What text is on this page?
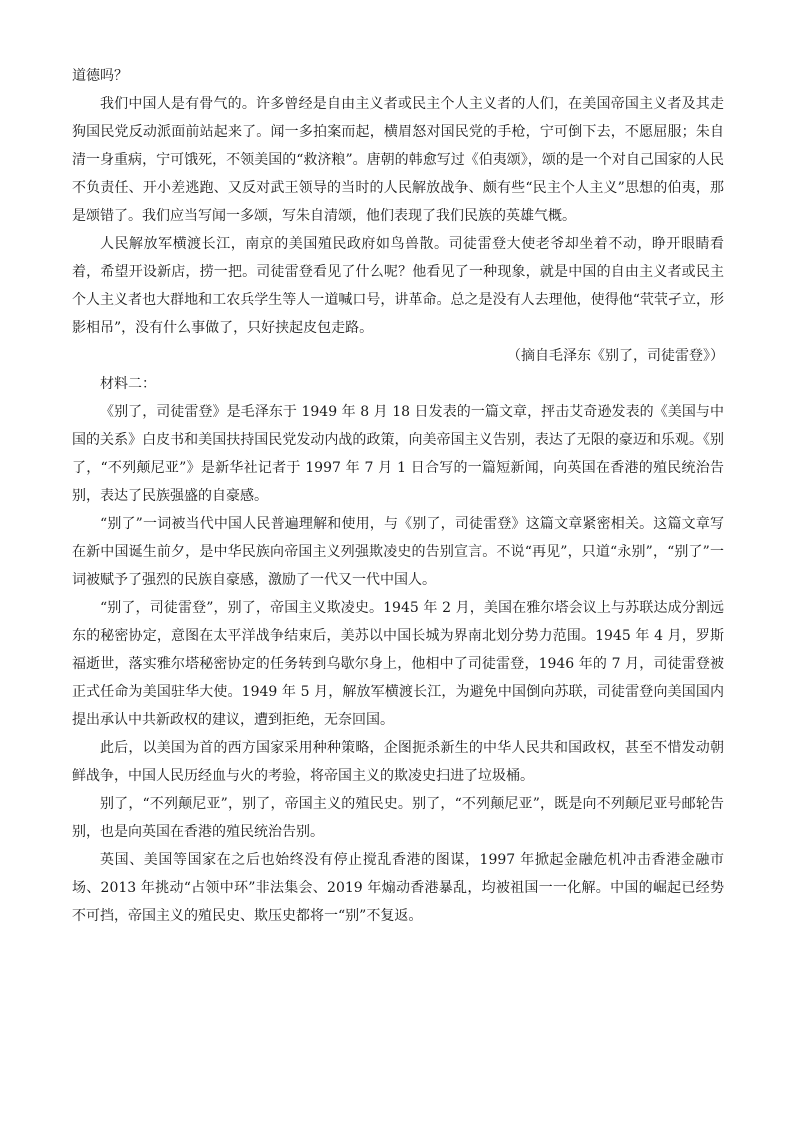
道德吗？

我们中国人是有骨气的。许多曾经是自由主义者或民主个人主义者的人们，在美国帝国主义者及其走狗国民党反动派面前站起来了。闻一多拍案而起，横眉怒对国民党的手枪，宁可倒下去，不愿屈服；朱自清一身重病，宁可饿死，不领美国的“救济粮”。唐朝的韩愈写过《伯夷颂》，颂的是一个对自己国家的人民不负责任、开小差逃跑、又反对武王领导的当时的人民解放战争、颇有些“民主个人主义”思想的伯夷，那是颂错了。我们应当写闻一多颂，写朱自清颂，他们表现了我们民族的英雄气概。

人民解放军横渡长江，南京的美国殖民政府如鸟兽散。司徒雷登大使老爷却坐着不动，睁开眼睛看着，希望开设新店，捞一把。司徒雷登看见了什么呢？他看见了一种现象，就是中国的自由主义者或民主个人主义者也大群地和工农兵学生等人一道喊口号，讲革命。总之是没有人去理他，使得他“茕茕孑立，形影相吊”，没有什么事做了，只好挟起皮包走路。

（摘自毛泽东《别了，司徒雷登》）

材料二：

《别了，司徒雷登》是毛泽东于 1949 年 8 月 18 日发表的一篇文章，抨击艾奇逊发表的《美国与中国的关系》白皮书和美国扶持国民党发动内战的政策，向美帝国主义告别，表达了无限的豪迈和乐观。《别了，“不列颠尼亚”》是新华社记者于 1997 年 7 月 1 日合写的一篇短新闻，向英国在香港的殖民统治告别，表达了民族强盛的自豪感。

“别了”一词被当代中国人民普遍理解和使用，与《别了，司徒雷登》这篇文章紧密相关。这篇文章写在新中国诞生前夕，是中华民族向帝国主义列强欺凌史的告别宣言。不说“再见”，只道“永别”，“别了”一词被赋予了强烈的民族自豪感，激励了一代又一代中国人。

“别了，司徒雷登”，别了，帝国主义欺凌史。1945 年 2 月，美国在雅尔塔会议上与苏联达成分割远东的秘密协定，意图在太平洋战争结束后，美苏以中国长城为界南北划分势力范围。1945 年 4 月，罗斯福逝世，落实雅尔塔秘密协定的任务转到乌歇尔身上，他相中了司徒雷登，1946 年的 7 月，司徒雷登被正式任命为美国驻华大使。1949 年 5 月，解放军横渡长江，为避免中国倒向苏联，司徒雷登向美国国内提出承认中共新政权的建议，遭到拒绝，无奈回国。

此后，以美国为首的西方国家采用种种策略，企图扼杀新生的中华人民共和国政权，甚至不惜发动朝鲜战争，中国人民历经血与火的考验，将帝国主义的欺凌史扫进了垃圾桶。

别了，“不列颠尼亚”，别了，帝国主义的殖民史。别了，“不列颠尼亚”，既是向不列颠尼亚号邮轮告别，也是向英国在香港的殖民统治告别。

英国、美国等国家在之后也始终没有停止搅乱香港的图谋，1997 年掀起金融危机冲击香港金融市场、2013 年挑动“占领中环”非法集会、2019 年煽动香港暴乱，均被祖国一一化解。中国的崛起已经势不可挡，帝国主义的殖民史、欺压史都将一“别”不复返。
